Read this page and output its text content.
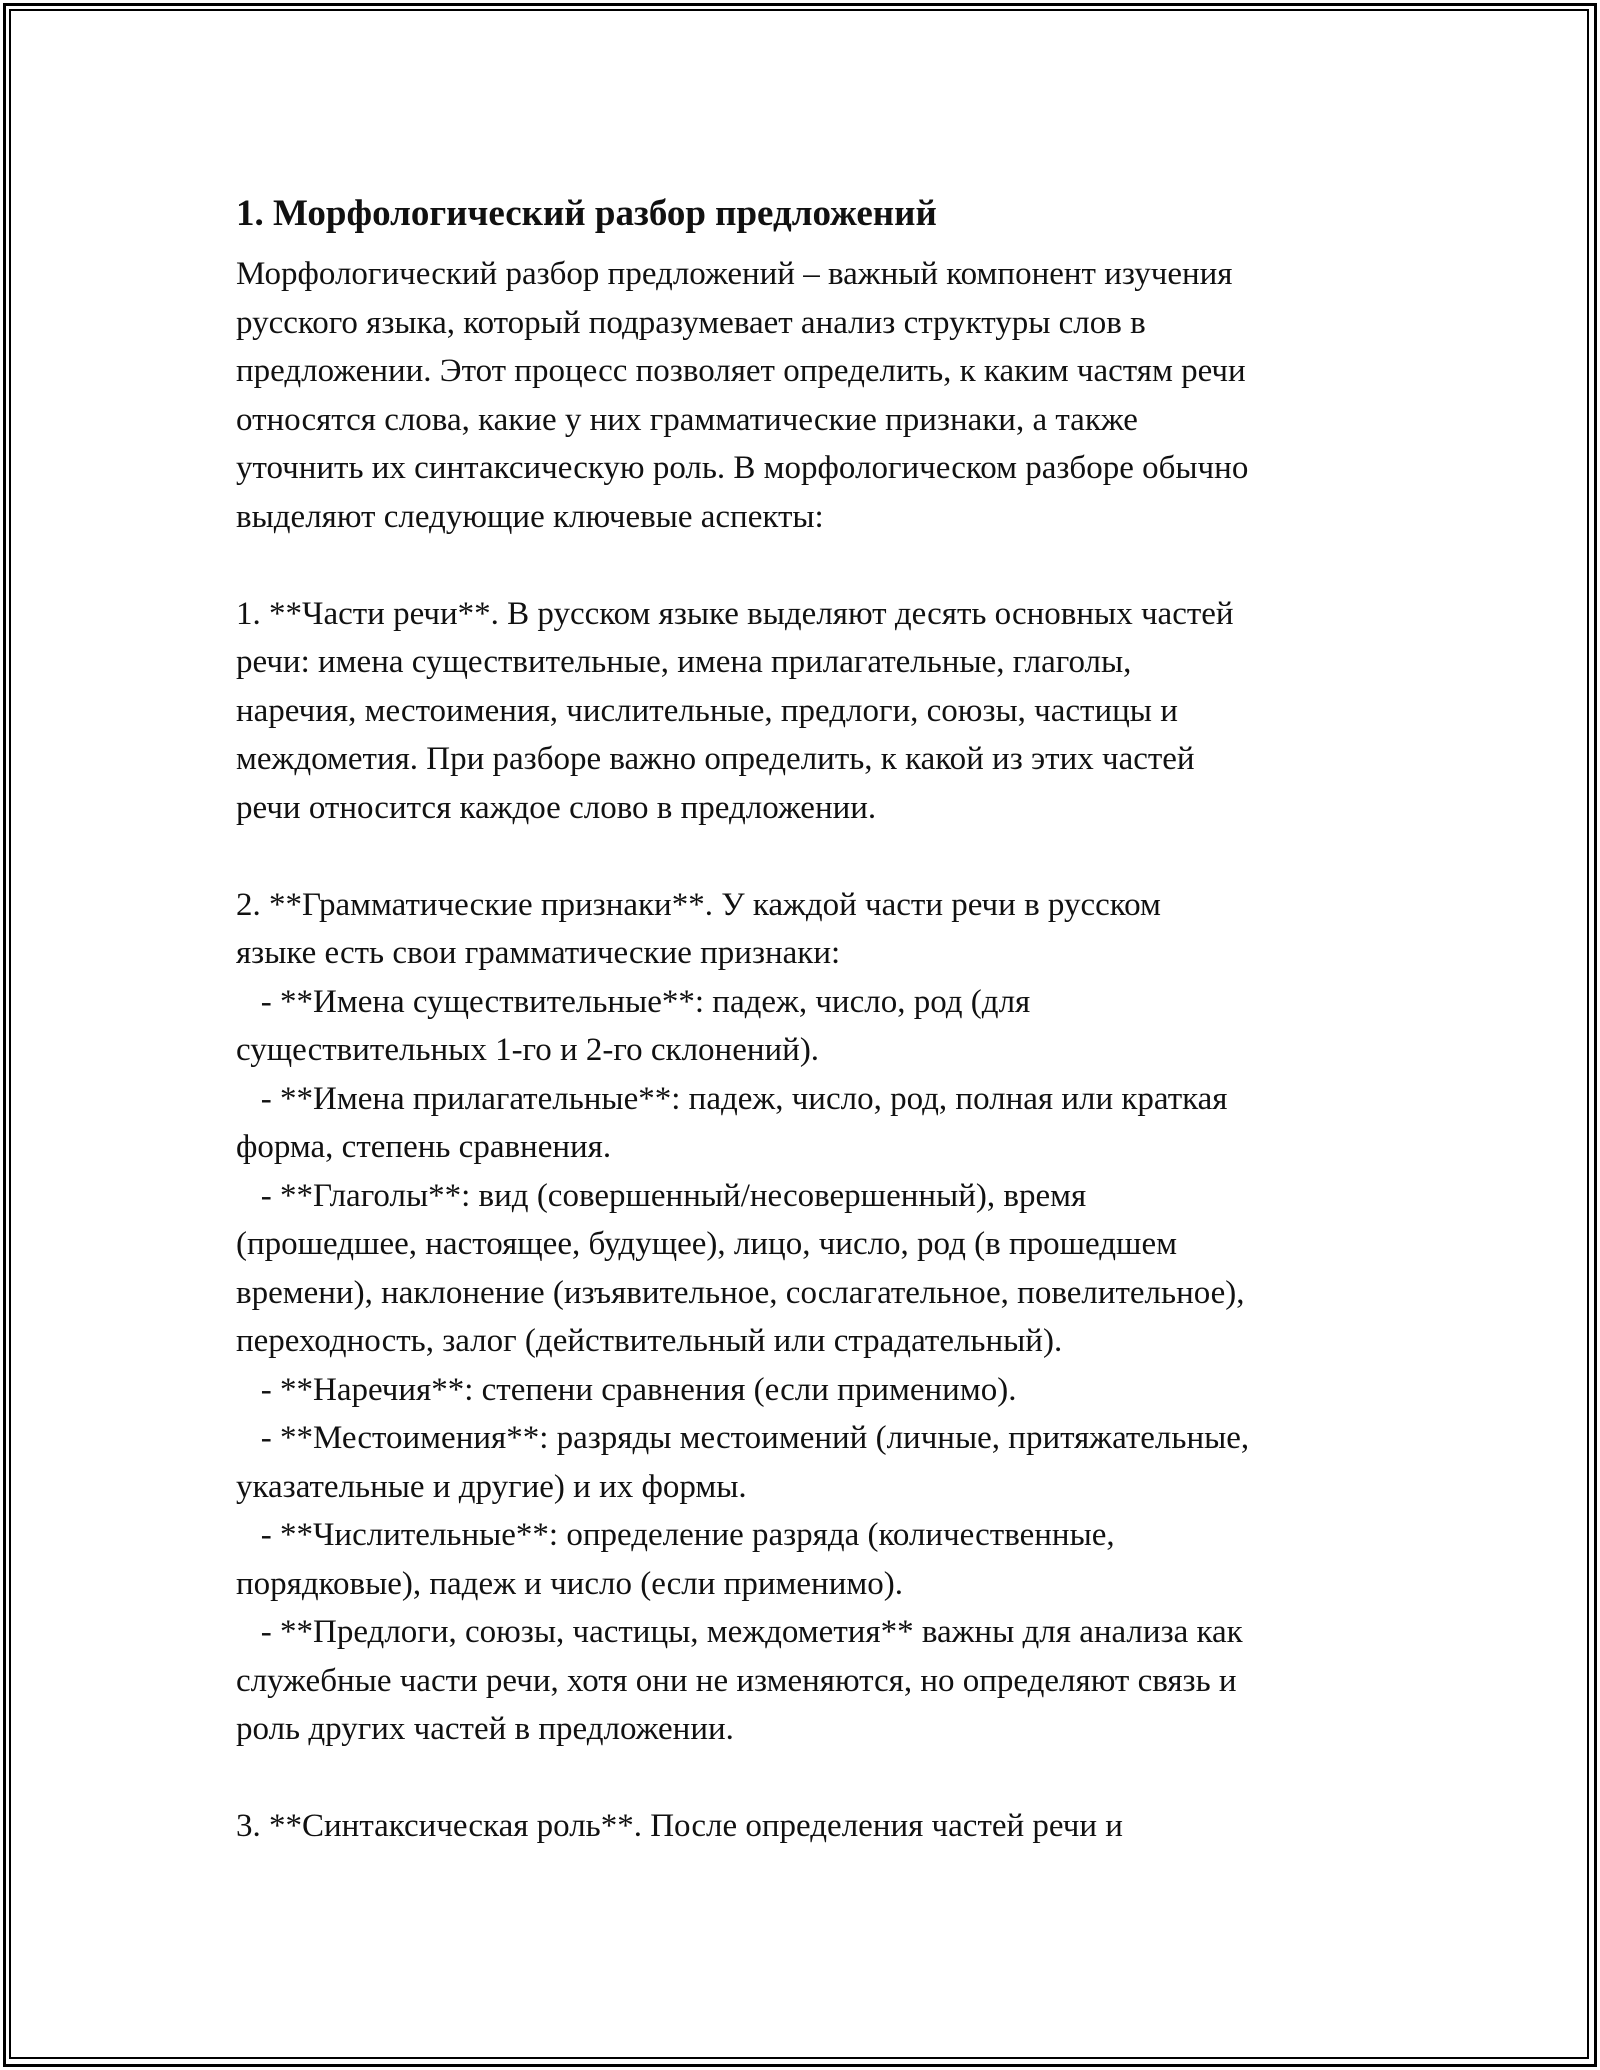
1. Морфологический разбор предложений
Морфологический разбор предложений – важный компонент изучения
русского языка, который подразумевает анализ структуры слов в
предложении. Этот процесс позволяет определить, к каким частям речи
относятся слова, какие у них грамматические признаки, а также
уточнить их синтаксическую роль. В морфологическом разборе обычно
выделяют следующие ключевые аспекты:
1. **Части речи**. В русском языке выделяют десять основных частей
речи: имена существительные, имена прилагательные, глаголы,
наречия, местоимения, числительные, предлоги, союзы, частицы и
междометия. При разборе важно определить, к какой из этих частей
речи относится каждое слово в предложении.
2. **Грамматические признаки**. У каждой части речи в русском
языке есть свои грамматические признаки:
- **Имена существительные**: падеж, число, род (для
существительных 1-го и 2-го склонений).
- **Имена прилагательные**: падеж, число, род, полная или краткая
форма, степень сравнения.
- **Глаголы**: вид (совершенный/несовершенный), время
(прошедшее, настоящее, будущее), лицо, число, род (в прошедшем
времени), наклонение (изъявительное, сослагательное, повелительное),
переходность, залог (действительный или страдательный).
- **Наречия**: степени сравнения (если применимо).
- **Местоимения**: разряды местоимений (личные, притяжательные,
указательные и другие) и их формы.
- **Числительные**: определение разряда (количественные,
порядковые), падеж и число (если применимо).
- **Предлоги, союзы, частицы, междометия** важны для анализа как
служебные части речи, хотя они не изменяются, но определяют связь и
роль других частей в предложении.
3. **Синтаксическая роль**. После определения частей речи и
